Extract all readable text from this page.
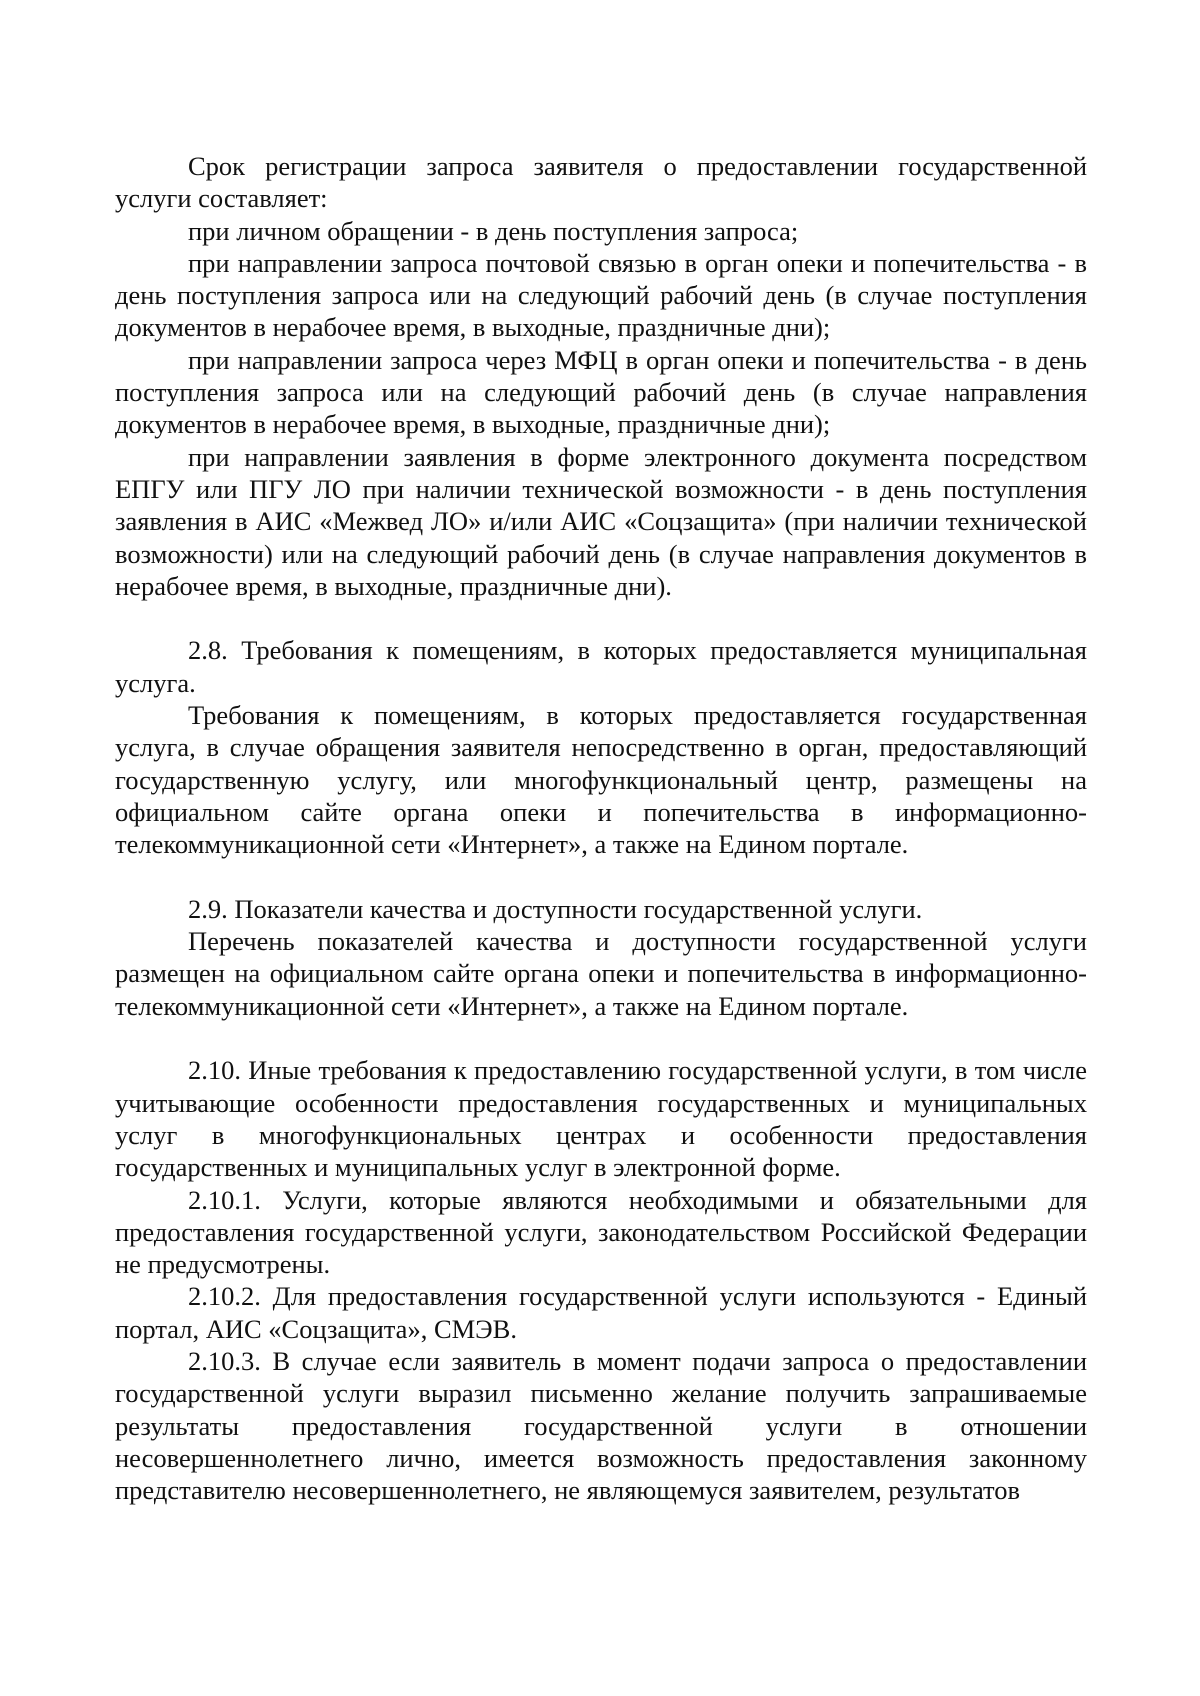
Срок регистрации запроса заявителя о предоставлении государственной услуги составляет:

при личном обращении - в день поступления запроса;

при направлении запроса почтовой связью в орган опеки и попечительства - в день поступления запроса или на следующий рабочий день (в случае поступления документов в нерабочее время, в выходные, праздничные дни);

при направлении запроса через МФЦ в орган опеки и попечительства - в день поступления запроса или на следующий рабочий день (в случае направления документов в нерабочее время, в выходные, праздничные дни);

при направлении заявления в форме электронного документа посредством ЕПГУ или ПГУ ЛО при наличии технической возможности - в день поступления заявления в АИС «Межвед ЛО» и/или АИС «Соцзащита» (при наличии технической возможности) или на следующий рабочий день (в случае направления документов в нерабочее время, в выходные, праздничные дни).

2.8. Требования к помещениям, в которых предоставляется муниципальная услуга.

Требования к помещениям, в которых предоставляется государственная услуга, в случае обращения заявителя непосредственно в орган, предоставляющий государственную услугу, или многофункциональный центр, размещены на официальном сайте органа опеки и попечительства в информационно-телекоммуникационной сети «Интернет», а также на Едином портале.

2.9. Показатели качества и доступности государственной услуги.

Перечень показателей качества и доступности государственной услуги размещен на официальном сайте органа опеки и попечительства в информационно-телекоммуникационной сети «Интернет», а также на Едином портале.

2.10. Иные требования к предоставлению государственной услуги, в том числе учитывающие особенности предоставления государственных и муниципальных услуг в многофункциональных центрах и особенности предоставления государственных и муниципальных услуг в электронной форме.

2.10.1. Услуги, которые являются необходимыми и обязательными для предоставления государственной услуги, законодательством Российской Федерации не предусмотрены.

2.10.2. Для предоставления государственной услуги используются - Единый портал, АИС «Соцзащита», СМЭВ.

2.10.3. В случае если заявитель в момент подачи запроса о предоставлении государственной услуги выразил письменно желание получить запрашиваемые результаты предоставления государственной услуги в отношении несовершеннолетнего лично, имеется возможность предоставления законному представителю несовершеннолетнего, не являющемуся заявителем, результатов
